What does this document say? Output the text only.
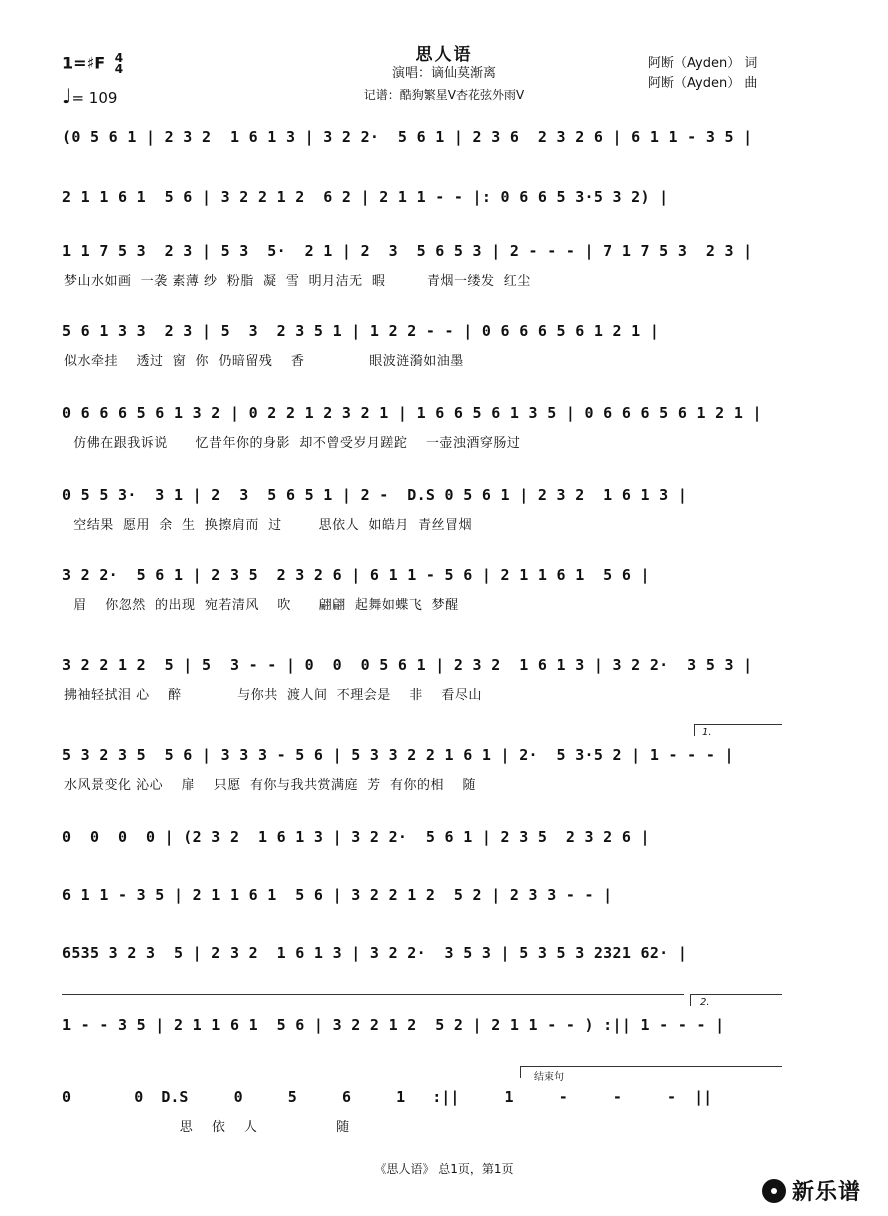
思人语
演唱：谪仙莫渐离
记谱：酷狗繁星V杏花弦外雨V
阿断（Ayden） 词
阿断（Ayden） 曲
1=♯F 4
4
♩= 109
(0 5 6 1 | 2 3 2  1 6 1 3 | 3 2 2·  5 6 1 | 2 3 6  2 3 2 6 | 6 1 1 - 3 5 |
2 1 1 6 1  5 6 | 3 2 2 1 2  6 2 | 2 1 1 - - |: 0 6 6 5 3·5 3 2) |
1 1 7 5 3  2 3 | 5 3  5·  2 1 | 2  3  5 6 5 3 | 2 - - - | 7 1 7 5 3  2 3 |
梦山水如画  一袭 素薄 纱  粉脂  凝  雪  明月洁无  暇         青烟一缕发  红尘
5 6 1 3 3  2 3 | 5  3  2 3 5 1 | 1 2 2 - - | 0 6 6 6 5 6 1 2 1 |
似水牵挂    透过  窗  你  仍暗留残    香              眼波涟漪如油墨
0 6 6 6 5 6 1 3 2 | 0 2 2 1 2 3 2 1 | 1 6 6 5 6 1 3 5 | 0 6 6 6 5 6 1 2 1 |
仿佛在跟我诉说      忆昔年你的身影  却不曾受岁月蹉跎    一壶浊酒穿肠过
0 5 5 3·  3 1 | 2  3  5 6 5 1 | 2 -  D.S 0 5 6 1 | 2 3 2  1 6 1 3 |
空结果  愿用  余  生  换擦肩而  过        思依人  如皓月  青丝冒烟
3 2 2·  5 6 1 | 2 3 5  2 3 2 6 | 6 1 1 - 5 6 | 2 1 1 6 1  5 6 |
眉    你忽然  的出现  宛若清风    吹      翩翩  起舞如蝶飞  梦醒
3 2 2 1 2  5 | 5  3 - - | 0  0  0 5 6 1 | 2 3 2  1 6 1 3 | 3 2 2·  3 5 3 |
拂袖轻拭泪 心    醉            与你共  渡人间  不理会是    非    看尽山
1.
5 3 2 3 5  5 6 | 3 3 3 - 5 6 | 5 3 3 2 2 1 6 1 | 2·  5 3·5 2 | 1 - - - |
水风景变化 沁心    扉    只愿  有你与我共赏满庭  芳  有你的相    随
0  0  0  0 | (2 3 2  1 6 1 3 | 3 2 2·  5 6 1 | 2 3 5  2 3 2 6 |
6 1 1 - 3 5 | 2 1 1 6 1  5 6 | 3 2 2 1 2  5 2 | 2 3 3 - - |
6535 3 2 3  5 | 2 3 2  1 6 1 3 | 3 2 2·  3 5 3 | 5 3 5 3 2321 62· |
2.
1 - - 3 5 | 2 1 1 6 1  5 6 | 3 2 2 1 2  5 2 | 2 1 1 - - ) :|| 1 - - - |
结束句
0       0  D.S     0     5     6     1   :||     1     -     -     -  ||
思    依    人                 随
《思人语》 总1页，第1页
新乐谱
